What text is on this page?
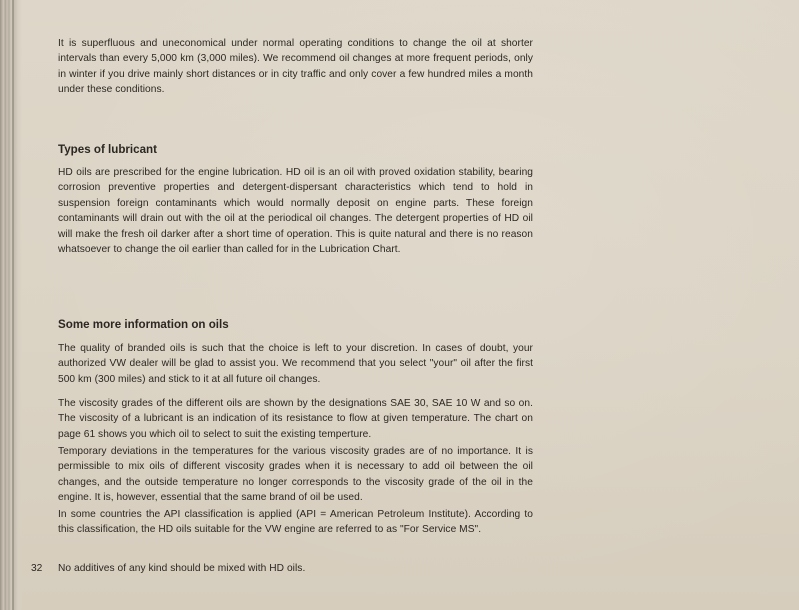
It is superfluous and uneconomical under normal operating conditions to change the oil at shorter intervals than every 5,000 km (3,000 miles). We recommend oil changes at more frequent periods, only in winter if you drive mainly short distances or in city traffic and only cover a few hundred miles a month under these conditions.

Types of lubricant

HD oils are prescribed for the engine lubrication. HD oil is an oil with proved oxidation stability, bearing corrosion preventive properties and detergent-dispersant characteristics which tend to hold in suspension foreign contaminants which would normally deposit on engine parts. These foreign contaminants will drain out with the oil at the periodical oil changes. The detergent properties of HD oil will make the fresh oil darker after a short time of operation. This is quite natural and there is no reason whatsoever to change the oil earlier than called for in the Lubrication Chart.

Some more information on oils

The quality of branded oils is such that the choice is left to your discretion. In cases of doubt, your authorized VW dealer will be glad to assist you. We recommend that you select "your" oil after the first 500 km (300 miles) and stick to it at all future oil changes.

The viscosity grades of the different oils are shown by the designations SAE 30, SAE 10 W and so on. The viscosity of a lubricant is an indication of its resistance to flow at given temperature. The chart on page 61 shows you which oil to select to suit the existing temperture.

Temporary deviations in the temperatures for the various viscosity grades are of no importance. It is permissible to mix oils of different viscosity grades when it is necessary to add oil between the oil changes, and the outside temperature no longer corresponds to the viscosity grade of the oil in the engine. It is, however, essential that the same brand of oil be used.

In some countries the API classification is applied (API = American Petroleum Institute). According to this classification, the HD oils suitable for the VW engine are referred to as "For Service MS".

No additives of any kind should be mixed with HD oils.

32
